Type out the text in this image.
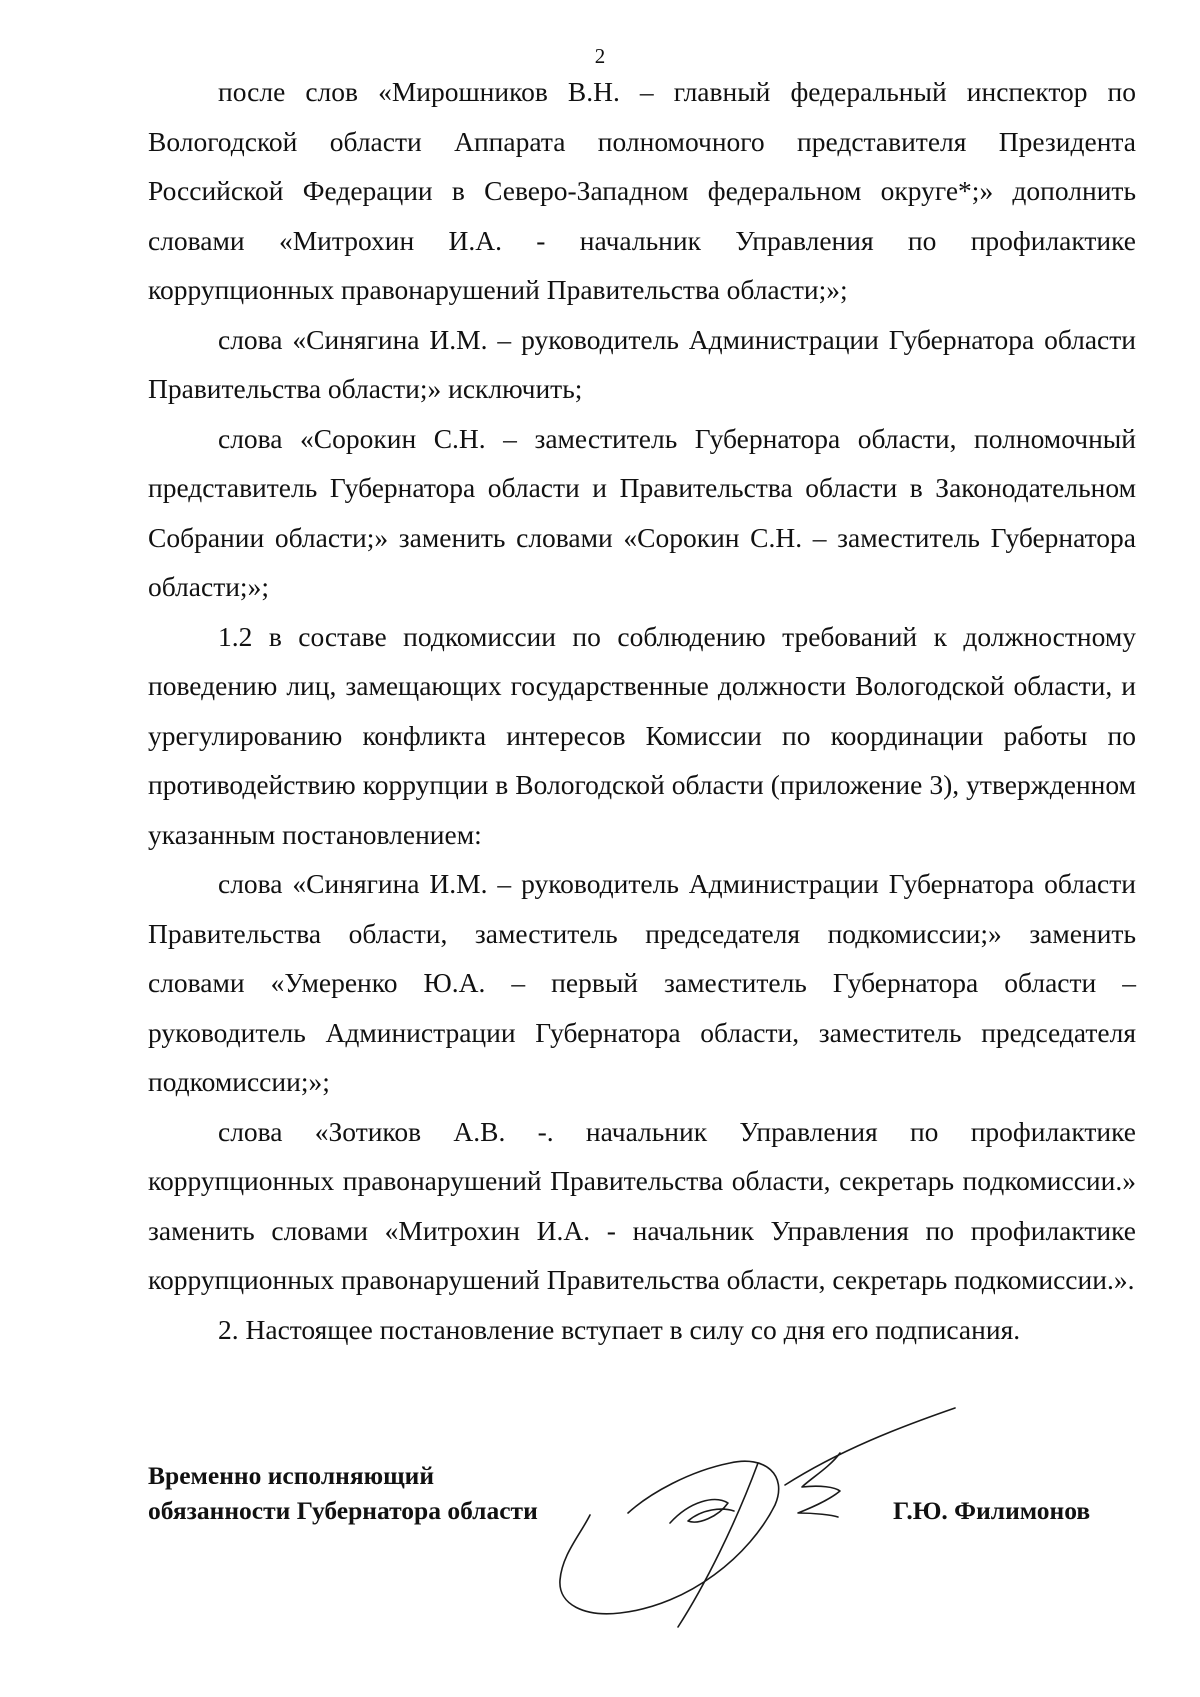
2

после слов «Мирошников В.Н. – главный федеральный инспектор по Вологодской области Аппарата полномочного представителя Президента Российской Федерации в Северо-Западном федеральном округе*;» дополнить словами «Митрохин И.А. - начальник Управления по профилактике коррупционных правонарушений Правительства области;»;

слова «Синягина И.М. – руководитель Администрации Губернатора области Правительства области;» исключить;

слова «Сорокин С.Н. – заместитель Губернатора области, полномочный представитель Губернатора области и Правительства области в Законодательном Собрании области;» заменить словами «Сорокин С.Н. – заместитель Губернатора области;»;

1.2 в составе подкомиссии по соблюдению требований к должностному поведению лиц, замещающих государственные должности Вологодской области, и урегулированию конфликта интересов Комиссии по координации работы по противодействию коррупции в Вологодской области (приложение 3), утвержденном указанным постановлением:

слова «Синягина И.М. – руководитель Администрации Губернатора области Правительства области, заместитель председателя подкомиссии;» заменить словами «Умеренко Ю.А. – первый заместитель Губернатора области – руководитель Администрации Губернатора области, заместитель председателя подкомиссии;»;

слова «Зотиков А.В. -. начальник Управления по профилактике коррупционных правонарушений Правительства области, секретарь подкомиссии.» заменить словами «Митрохин И.А. - начальник Управления по профилактике коррупционных правонарушений Правительства области, секретарь подкомиссии.».

2. Настоящее постановление вступает в силу со дня его подписания.

Временно исполняющий
обязанности Губернатора области	Г.Ю. Филимонов
